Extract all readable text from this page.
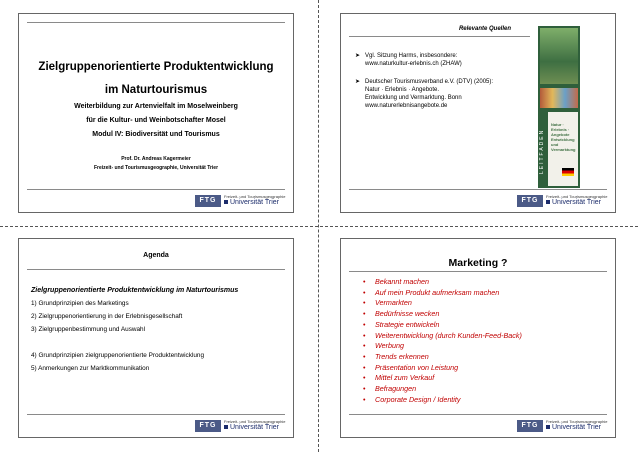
Zielgruppenorientierte Produktentwicklung
im Naturtourismus
Weiterbildung zur Artenvielfalt im Moselweinberg
für die Kultur- und Weinbotschafter Mosel
Modul IV: Biodiversität und Tourismus
Prof. Dr. Andreas Kagermeier
Freizeit- und Tourismusgeographie, Universität Trier
FTG
Freizeit- und Tourismusgeographie
Universität Trier
Relevante Quellen
➤ Vgl. Sitzung Harms, insbesondere:
www.naturkultur-erlebnis.ch (ZHAW)
➤ Deutscher Tourismusverband e.V. (DTV) (2005):
Natur · Erlebnis · Angebote.
Entwicklung und Vermarktung. Bonn
www.naturerlebnisangebote.de
Natur · Erlebnis · Angebote
Entwicklung und Vermarktung
LEITFADEN
FTG
Freizeit- und Tourismusgeographie
Universität Trier
Agenda
Zielgruppenorientierte Produktentwicklung im Naturtourismus
1) Grundprinzipien des Marketings
2) Zielgruppenorientierung in der Erlebnisgesellschaft
3) Zielgruppenbestimmung und Auswahl
4) Grundprinzipien zielgruppenorientierte Produktentwicklung
5) Anmerkungen zur Marktkommunikation
FTG
Freizeit- und Tourismusgeographie
Universität Trier
Marketing ?
• Bekannt machen
• Auf mein Produkt aufmerksam machen
• Vermarkten
• Bedürfnisse wecken
• Strategie entwickeln
• Weiterentwicklung (durch Kunden-Feed-Back)
• Werbung
• Trends erkennen
• Präsentation von Leistung
• Mittel zum Verkauf
• Befragungen
• Corporate Design / Identity
FTG
Freizeit- und Tourismusgeographie
Universität Trier
